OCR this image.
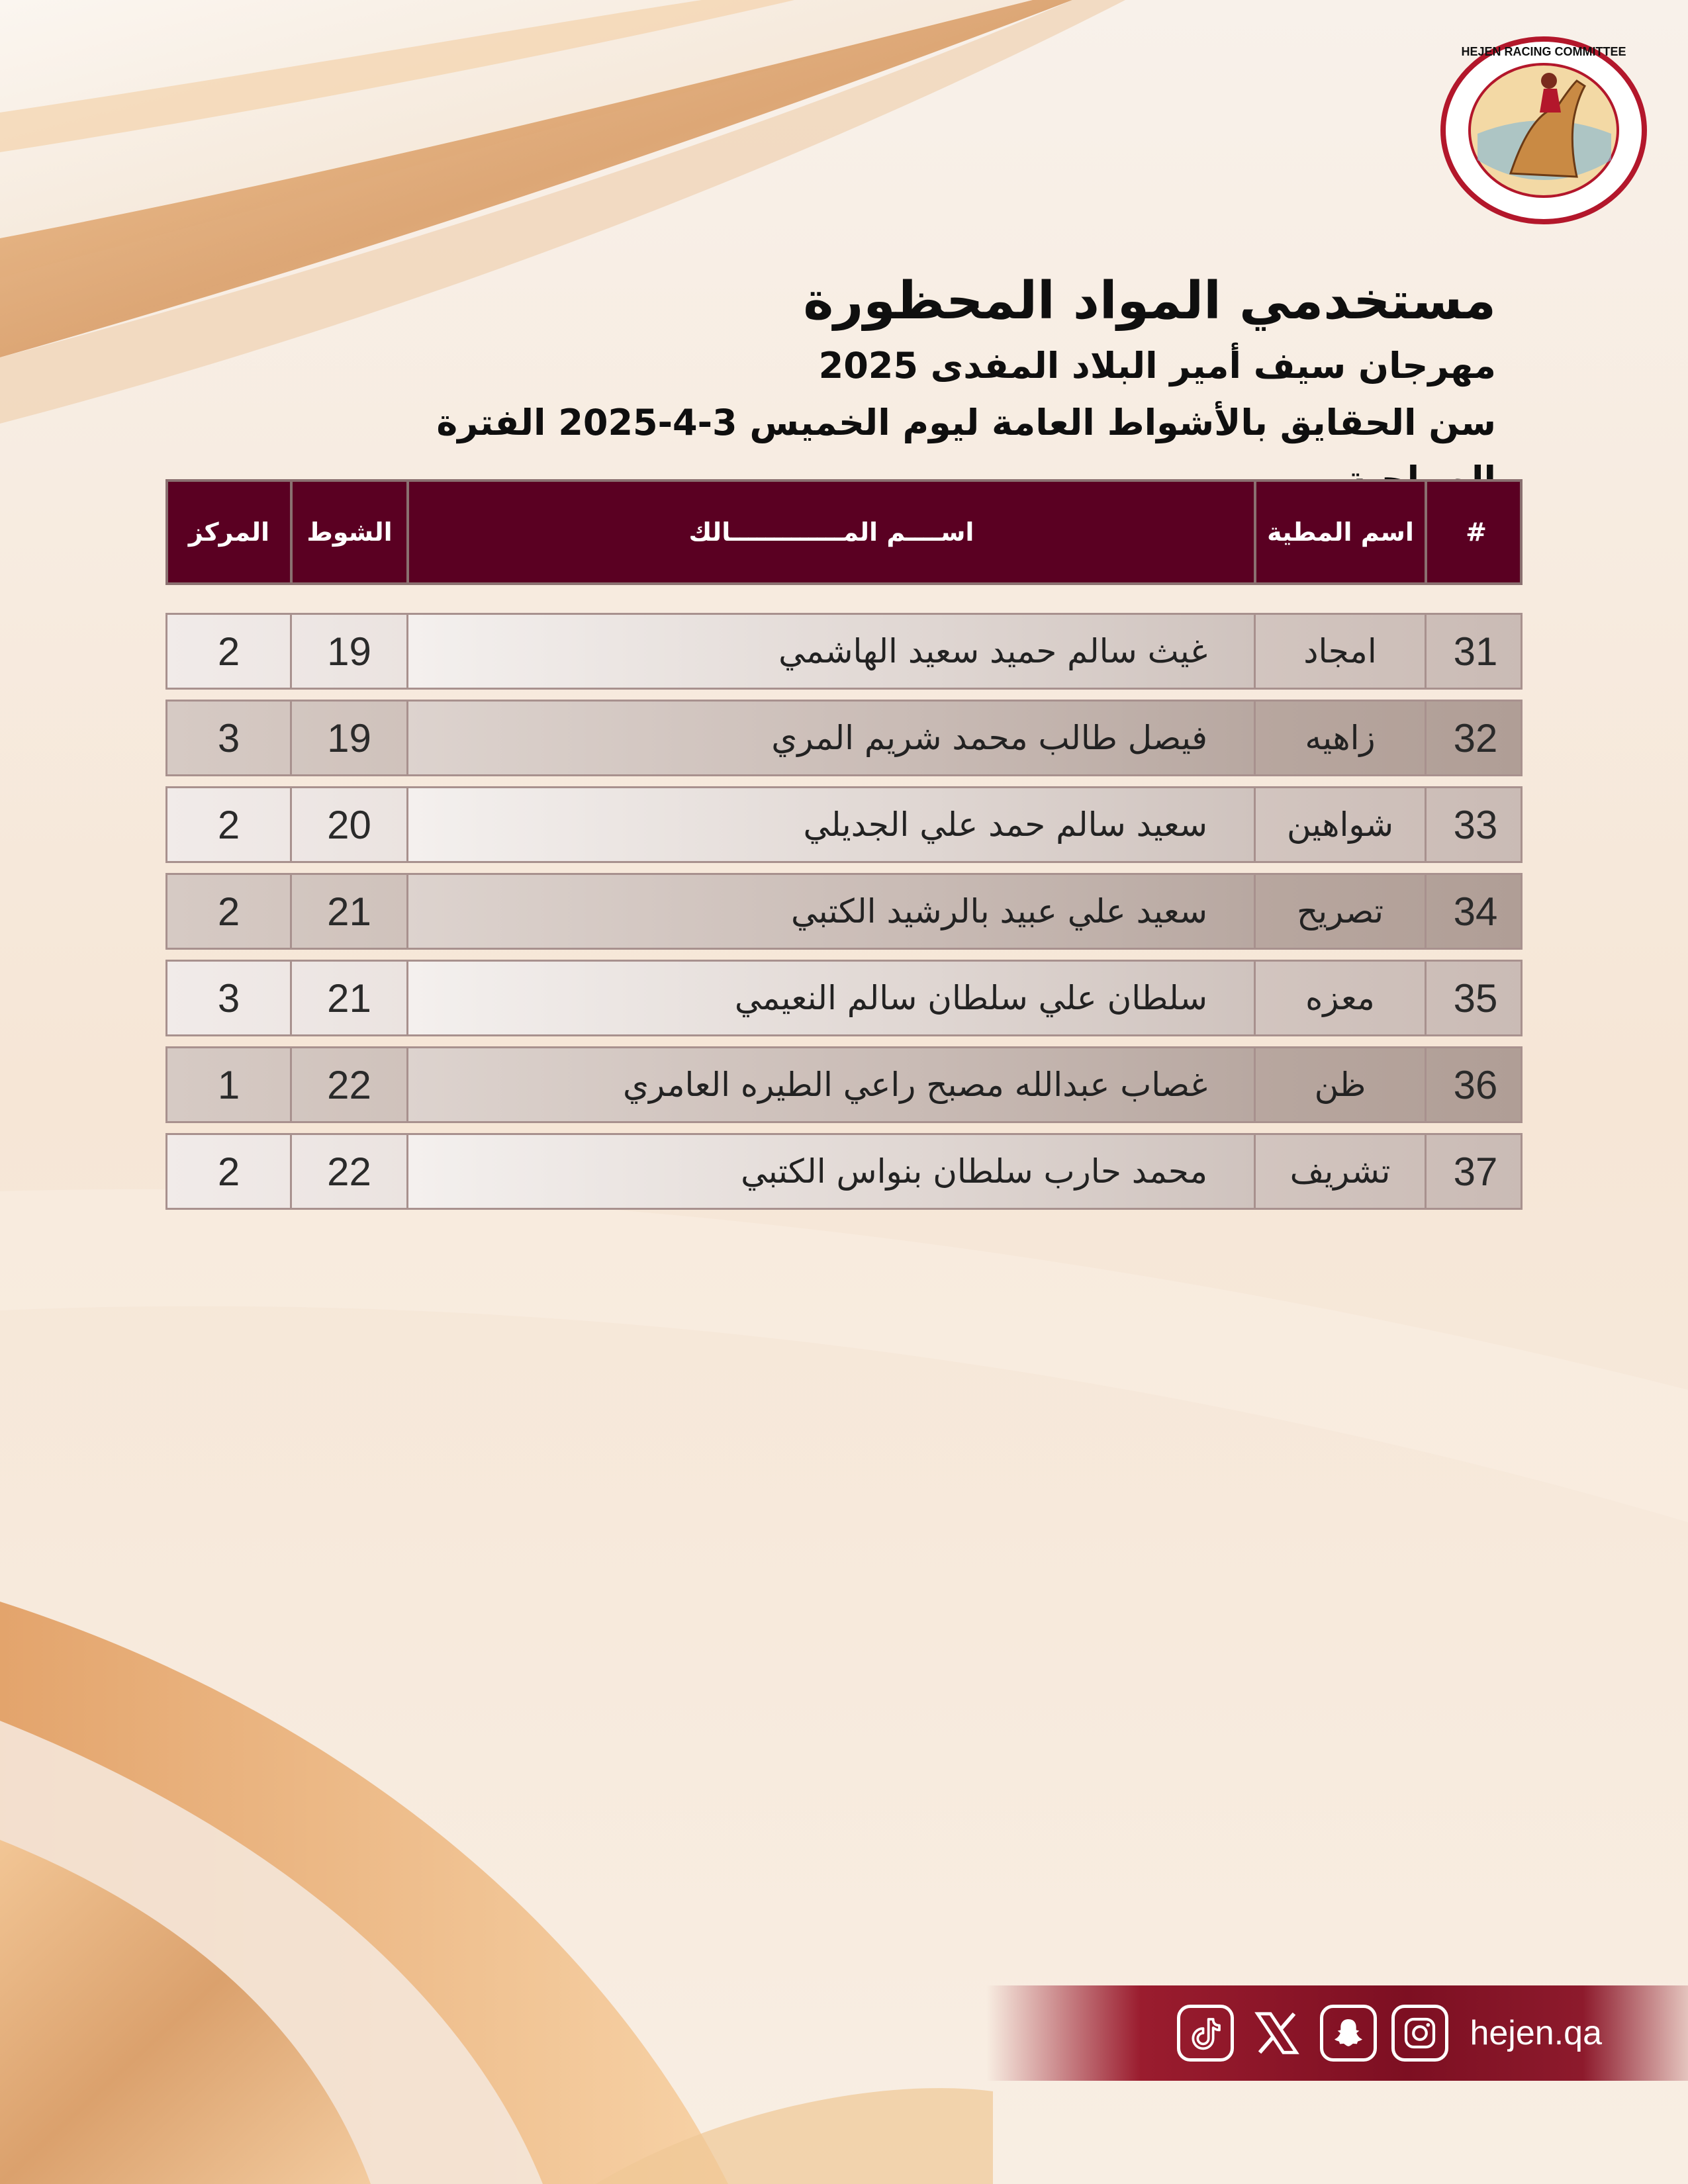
HEJEN RACING COMMITTEE

مستخدمي المواد المحظورة

مهرجان سيف أمير البلاد المفدى 2025

سن الحقايق بالأشواط العامة ليوم الخميس 3-4-2025 الفترة

المركز	الشوط	اســــم المـــــــــــــالك	اسم المطية	#
2	19	غيث سالم حميد سعيد الهاشمي	امجاد	31
3	19	فيصل طالب محمد شريم المري	زاهيه	32
2	20	سعيد سالم حمد علي الجديلي	شواهين	33
2	21	سعيد علي عبيد بالرشيد الكتبي	تصريح	34
3	21	سلطان علي سلطان سالم النعيمي	معزه	35
1	22	غصاب عبدالله مصبح راعي الطيره العامري	ظن	36
2	22	محمد حارب سلطان بنواس الكتبي	تشريف	37
hejen.qa
